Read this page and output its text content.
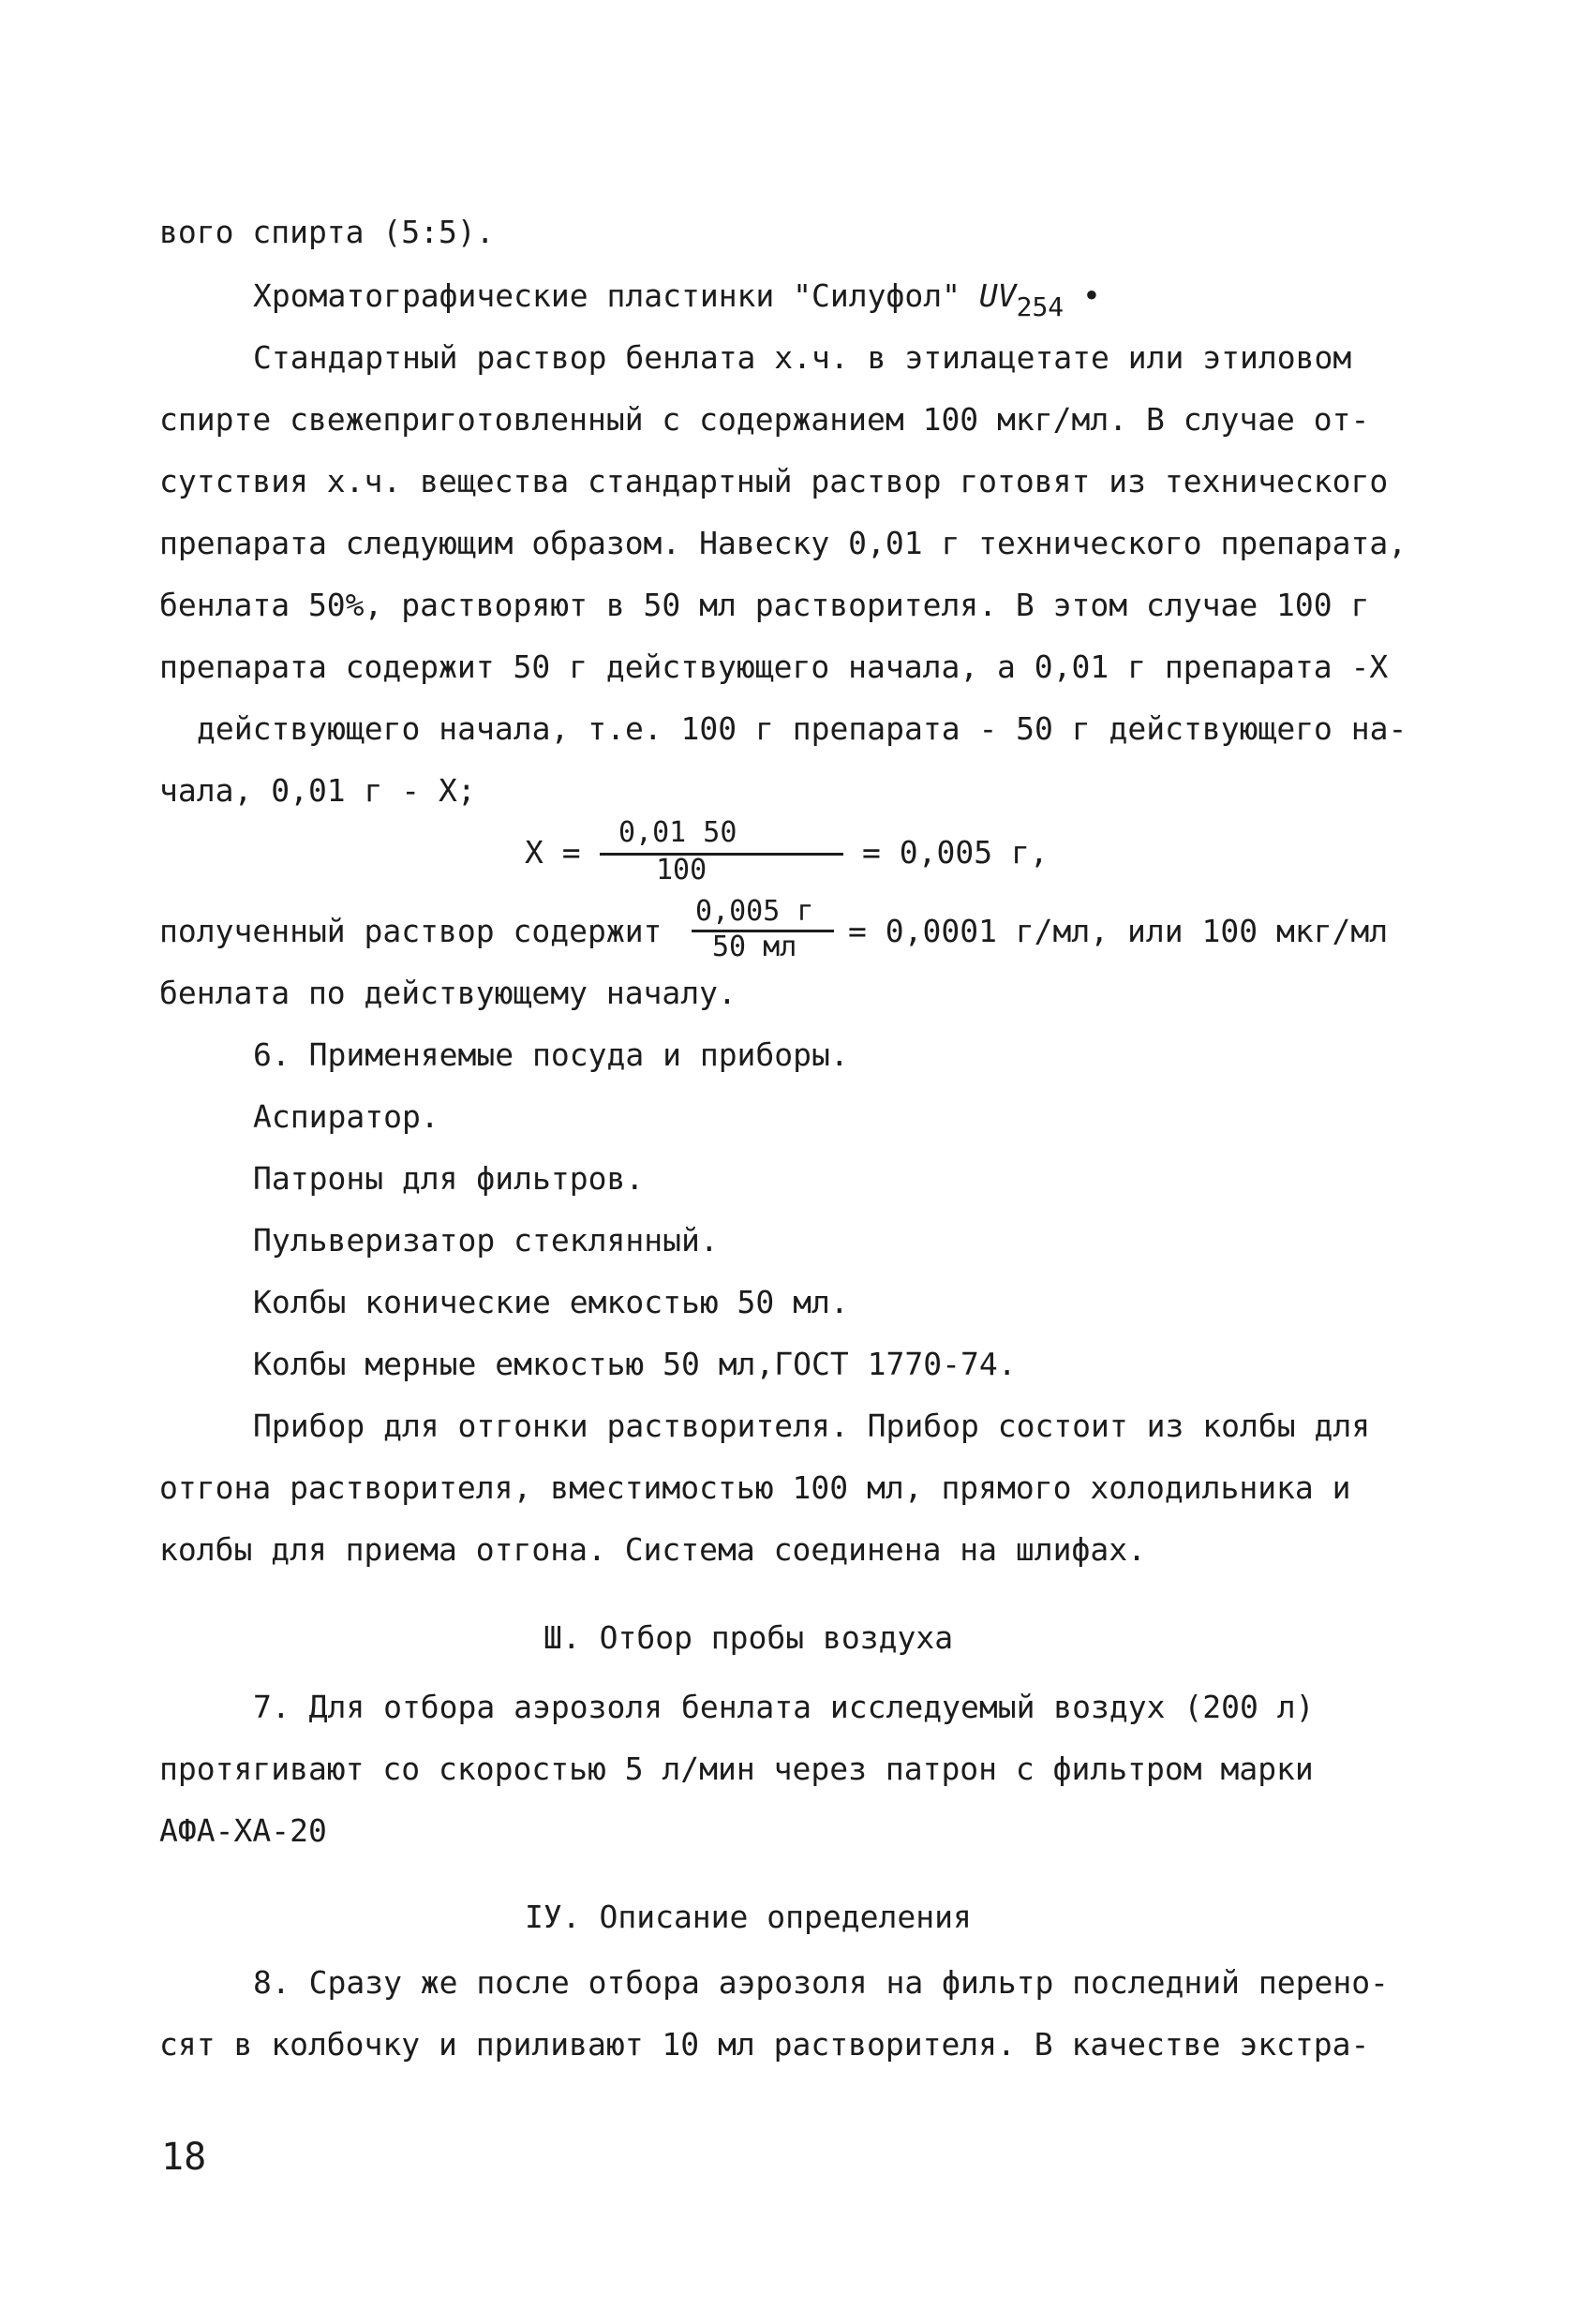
вого спирта (5:5).
Хроматографические пластинки "Силуфол" $UV_{254}$ •
Стандартный раствор бенлата х.ч. в этилацетате или этиловом
спирте свежеприготовленный с содержанием 100 мкг/мл. В случае от-
сутствия х.ч. вещества стандартный раствор готовят из технического
препарата следующим образом. Навеску 0,01 г технического препарата,
бенлата 50%, растворяют в 50 мл растворителя. В этом случае 100 г
препарата содержит 50 г действующего начала, а 0,01 г препарата -X
действующего начала, т.е. 100 г препарата - 50 г действующего на-
чала, 0,01 г - X;
X =
0,01 50
100	= 0,005 г,
полученный раствор содержит
0,005 г
50 мл = 0,0001 г/мл, или 100 мкг/мл
бенлата по действующему началу.
6. Применяемые посуда и приборы.
Аспиратор.
Патроны для фильтров.
Пульверизатор стеклянный.
Колбы конические емкостью 50 мл.
Колбы мерные емкостью 50 мл,ГОСТ 1770-74.
Прибор для отгонки растворителя. Прибор состоит из колбы для
отгона растворителя, вместимостью 100 мл, прямого холодильника и
колбы для приема отгона. Система соединена на шлифах.
Ш. Отбор пробы воздуха
7. Для отбора аэрозоля бенлата исследуемый воздух (200 л)
протягивают со скоростью 5 л/мин через патрон с фильтром марки
АФА-ХА-20
IУ. Описание определения
8. Сразу же после отбора аэрозоля на фильтр последний перено-
сят в колбочку и приливают 10 мл растворителя. В качестве экстра-
18
